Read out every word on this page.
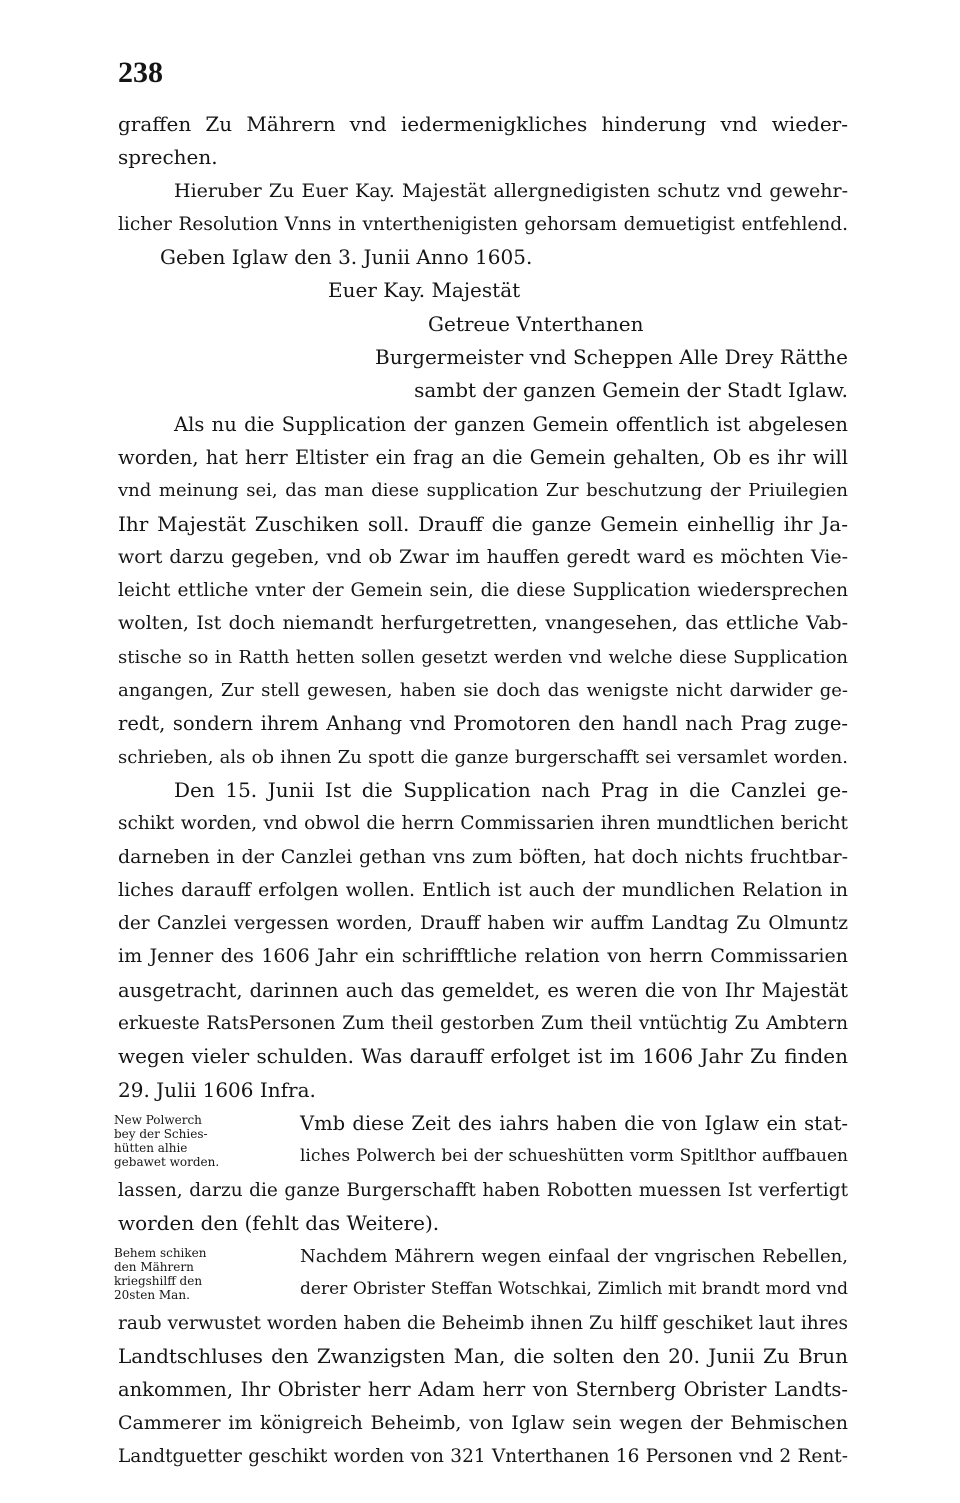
238
graffen Zu Mährern vnd iedermenigkliches hinderung vnd wieder-
sprechen.
Hieruber Zu Euer Kay. Majestät allergnedigisten schutz vnd gewehr-
licher Resolution Vnns in vnterthenigisten gehorsam demuetigist entfehlend.
Geben Iglaw den 3. Junii Anno 1605.
Euer Kay. Majestät
Getreue Vnterthanen
Burgermeister vnd Scheppen Alle Drey Rätthe
sambt der ganzen Gemein der Stadt Iglaw.
Als nu die Supplication der ganzen Gemein offentlich ist abgelesen
worden, hat herr Eltister ein frag an die Gemein gehalten, Ob es ihr will
vnd meinung sei, das man diese supplication Zur beschutzung der Priuilegien
Ihr Majestät Zuschiken soll. Drauff die ganze Gemein einhellig ihr Ja-
wort darzu gegeben, vnd ob Zwar im hauffen geredt ward es möchten Vie-
leicht ettliche vnter der Gemein sein, die diese Supplication wiedersprechen
wolten, Ist doch niemandt herfurgetretten, vnangesehen, das ettliche Vab-
stische so in Ratth hetten sollen gesetzt werden vnd welche diese Supplication
angangen, Zur stell gewesen, haben sie doch das wenigste nicht darwider ge-
redt, sondern ihrem Anhang vnd Promotoren den handl nach Prag zuge-
schrieben, als ob ihnen Zu spott die ganze burgerschafft sei versamlet worden.
Den 15. Junii Ist die Supplication nach Prag in die Canzlei ge-
schikt worden, vnd obwol die herrn Commissarien ihren mundtlichen bericht
darneben in der Canzlei gethan vns zum böften, hat doch nichts fruchtbar-
liches darauff erfolgen wollen. Entlich ist auch der mundlichen Relation in
der Canzlei vergessen worden, Drauff haben wir auffm Landtag Zu Olmuntz
im Jenner des 1606 Jahr ein schrifftliche relation von herrn Commissarien
ausgetracht, darinnen auch das gemeldet, es weren die von Ihr Majestät
erkueste RatsPersonen Zum theil gestorben Zum theil vntüchtig Zu Ambtern
wegen vieler schulden. Was darauff erfolget ist im 1606 Jahr Zu finden
29. Julii 1606 Infra.
New Polwerch
bey der Schies-
hütten alhie
gebawet worden.
Vmb diese Zeit des iahrs haben die von Iglaw ein stat-
liches Polwerch bei der schueshütten vorm Spitlthor auffbauen
lassen, darzu die ganze Burgerschafft haben Robotten muessen Ist verfertigt
worden den (fehlt das Weitere).
Behem schiken
den Mährern
kriegshilff den
20sten Man.
Nachdem Mährern wegen einfaal der vngrischen Rebellen,
derer Obrister Steffan Wotschkai, Zimlich mit brandt mord vnd
raub verwustet worden haben die Beheimb ihnen Zu hilff geschiket laut ihres
Landtschluses den Zwanzigsten Man, die solten den 20. Junii Zu Brun
ankommen, Ihr Obrister herr Adam herr von Sternberg Obrister Landts-
Cammerer im königreich Beheimb, von Iglaw sein wegen der Behmischen
Landtguetter geschikt worden von 321 Vnterthanen 16 Personen vnd 2 Rent-
